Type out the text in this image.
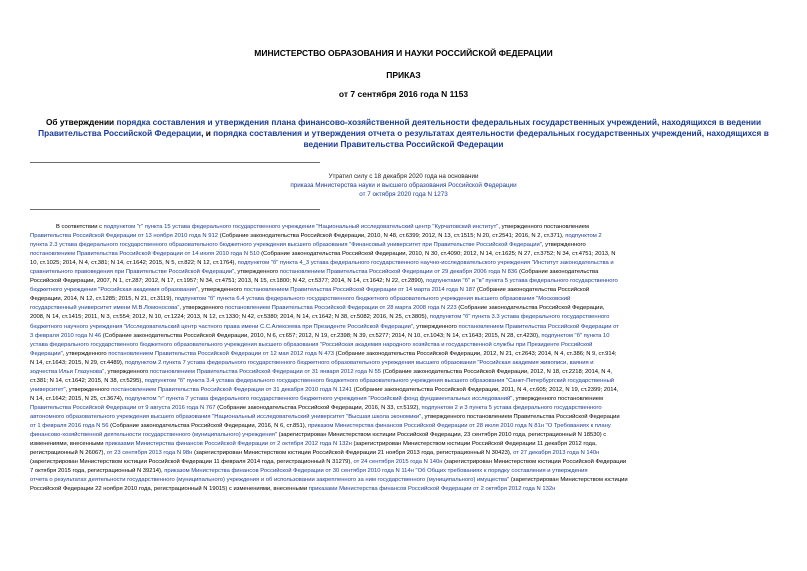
МИНИСТЕРСТВО ОБРАЗОВАНИЯ И НАУКИ РОССИЙСКОЙ ФЕДЕРАЦИИ
ПРИКАЗ
от 7 сентября 2016 года N 1153
Об утверждении порядка составления и утверждения плана финансово-хозяйственной деятельности федеральных государственных учреждений, находящихся в ведении Правительства Российской Федерации, и порядка составления и утверждения отчета о результатах деятельности федеральных государственных учреждений, находящихся в ведении Правительства Российской Федерации
Утратил силу с 18 декабря 2020 года на основании
приказа Министерства науки и высшего образования Российской Федерации
от 7 октября 2020 года N 1273
В соответствии с подпунктом "г" пункта 15 устава федерального государственного учреждения "Национальный исследовательский центр "Курчатовский институт", утвержденного постановлением
Правительства Российской Федерации от 13 ноября 2010 года N 912 (Собрание законодательства Российской Федерации, 2010, N 48, ст.6399; 2012, N 13, ст.1515; N 20, ст.2541; 2016, N 2, ст.371), подпунктом 2
пункта 2.3 устава федерального государственного образовательного бюджетного учреждения высшего образования "Финансовый университет при Правительстве Российской Федерации", утвержденного
постановлением Правительства Российской Федерации от 14 июля 2010 года N 510 (Собрание законодательства Российской Федерации, 2010, N 30, ст.4090; 2012, N 14, ст.1625; N 27, ст.3752; N 34, ст.4751; 2013, N
10, ст.1025; 2014, N 4, ст.381; N 14, ст.1642; 2015, N 5, ст.822; N 12, ст.1764), подпунктом "б" пункта 4_3 устава федерального государственного научно-исследовательского учреждения "Институт законодательства и
сравнительного правоведения при Правительстве Российской Федерации", утвержденного постановлением Правительства Российской Федерации от 29 декабря 2006 года N 836 (Собрание законодательства
Российской Федерации, 2007, N 1, ст.287; 2012, N 17, ст.1957; N 34, ст.4751; 2013, N 15, ст.1800; N 42, ст.5377; 2014, N 14, ст.1642; N 22, ст.2890), подпунктами "б" и "в" пункта 5 устава федерального государственного
бюджетного учреждения "Российская академия образования", утвержденного постановлением Правительства Российской Федерации от 14 марта 2014 года N 187 (Собрание законодательства Российской
Федерации, 2014, N 12, ст.1285; 2015, N 21, ст.3119), подпунктом "б" пункта 6.4 устава федерального государственного бюджетного образовательного учреждения высшего образования "Московский
государственный университет имени М.В.Ломоносова", утвержденного постановлением Правительства Российской Федерации от 28 марта 2008 года N 223 (Собрание законодательства Российской Федерации,
2008, N 14, ст.1415; 2011, N 3, ст.554; 2012, N 10, ст.1224; 2013, N 12, ст.1330; N 42, ст.5380; 2014, N 14, ст.1642; N 38, ст.5082; 2016, N 25, ст.3805), подпунктом "б" пункта 3.3 устава федерального государственного
бюджетного научного учреждения "Исследовательский центр частного права имени С.С.Алексеева при Президенте Российской Федерации", утвержденного постановлением Правительства Российской Федерации от
3 февраля 2010 года N 46 (Собрание законодательства Российской Федерации, 2010, N 6, ст.657; 2012, N 19, ст.2398; N 39, ст.5277; 2014, N 10, ст.1043; N 14, ст.1643; 2015, N 28, ст.4230), подпунктом "б" пункта 10
устава федерального государственного бюджетного образовательного учреждения высшего образования "Российская академия народного хозяйства и государственной службы при Президенте Российской
Федерации", утвержденного постановлением Правительства Российской Федерации от 12 мая 2012 года N 473 (Собрание законодательства Российской Федерации, 2012, N 21, ст.2643; 2014, N 4, ст.386; N 9, ст.914;
N 14, ст.1643; 2015, N 29, ст.4489), подпунктом 2 пункта 7 устава федерального государственного бюджетного образовательного учреждения высшего образования "Российская академия живописи, ваяния и
зодчества Ильи Глазунова", утвержденного постановлением Правительства Российской Федерации от 31 января 2012 года N 55 (Собрание законодательства Российской Федерации, 2012, N 18, ст.2218; 2014, N 4,
ст.381; N 14, ст.1642; 2015, N 38, ст.5295), подпунктом "б" пункта 3.4 устава федерального государственного бюджетного образовательного учреждения высшего образования "Санкт-Петербургский государственный
университет", утвержденного постановлением Правительства Российской Федерации от 31 декабря 2010 года N 1241 (Собрание законодательства Российской Федерации, 2011, N 4, ст.605; 2012, N 19, ст.2399; 2014,
N 14, ст.1642; 2015, N 25, ст.3674), подпунктом "г" пункта 7 устава федерального государственного бюджетного учреждения "Российский фонд фундаментальных исследований", утвержденного постановлением
Правительства Российской Федерации от 9 августа 2016 года N 767 (Собрание законодательства Российской Федерации, 2016, N 33, ст.5192), подпунктом 2 и 3 пункта 5 устава федерального государственного
автономного образовательного учреждения высшего образования "Национальный исследовательский университет "Высшая школа экономики", утвержденного постановлением Правительства Российской Федерации
от 1 февраля 2016 года N 56 (Собрание законодательства Российской Федерации, 2016, N 6, ст.851), приказом Министерства финансов Российской Федерации от 28 июля 2010 года N 81н "О Требованиях к плану
финансово-хозяйственной деятельности государственного (муниципального) учреждения" (зарегистрирован Министерством юстиции Российской Федерации, 23 сентября 2010 года, регистрационный N 18530) с
изменениями, внесенными приказами Министерства финансов Российской Федерации от 2 октября 2012 года N 132н (зарегистрирован Министерством юстиции Российской Федерации 11 декабря 2012 года,
регистрационный N 26067), от 23 сентября 2013 года N 98н (зарегистрирован Министерством юстиции Российской Федерации 21 ноября 2013 года, регистрационный N 30423), от 27 декабря 2013 года N 140н
(зарегистрирован Министерством юстиции Российской Федерации 11 февраля 2014 года, регистрационный N 31279), от 24 сентября 2015 года N 140н (зарегистрирован Министерством юстиции Российской Федерации
7 октября 2015 года, регистрационный N 39214), приказом Министерства финансов Российской Федерации от 30 сентября 2010 года N 114н "Об Общих требованиях к порядку составления и утверждения
отчета о результатах деятельности государственного (муниципального) учреждения и об использовании закрепленного за ним государственного (муниципального) имущества" (зарегистрирован Министерством юстиции
Российской Федерации 22 ноября 2010 года, регистрационный N 19015) с изменениями, внесенными приказами Министерства финансов Российской Федерации от 2 октября 2012 года N 132н
